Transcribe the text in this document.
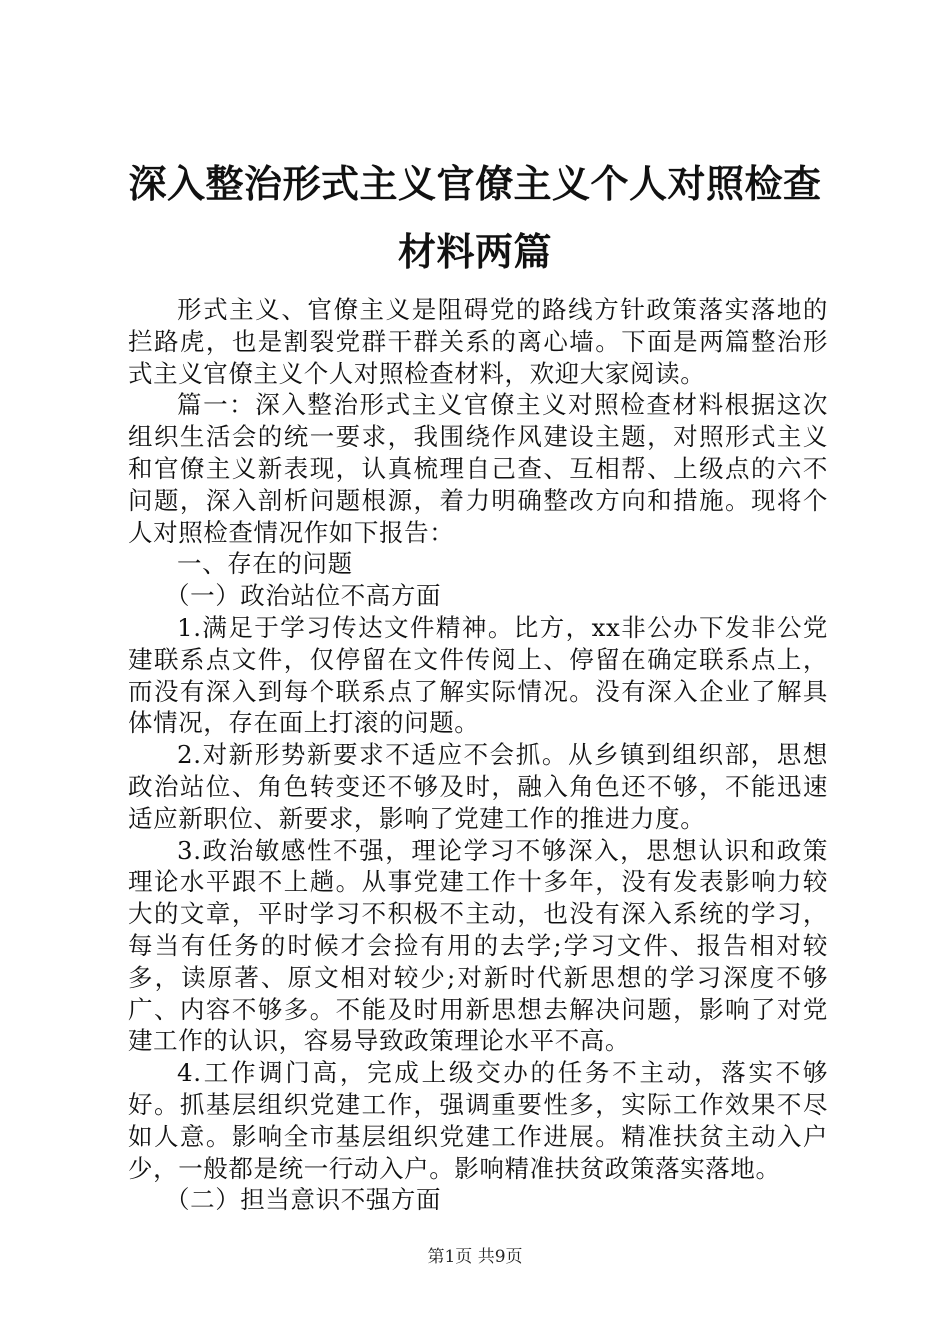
深入整治形式主义官僚主义个人对照检查材料两篇

形式主义、官僚主义是阻碍党的路线方针政策落实落地的拦路虎，也是割裂党群干群关系的离心墙。下面是两篇整治形式主义官僚主义个人对照检查材料，欢迎大家阅读。

篇一：深入整治形式主义官僚主义对照检查材料根据这次组织生活会的统一要求，我围绕作风建设主题，对照形式主义和官僚主义新表现，认真梳理自己查、互相帮、上级点的六不问题，深入剖析问题根源，着力明确整改方向和措施。现将个人对照检查情况作如下报告：

一、存在的问题

（一）政治站位不高方面

1.满足于学习传达文件精神。比方，xx非公办下发非公党建联系点文件，仅停留在文件传阅上、停留在确定联系点上，而没有深入到每个联系点了解实际情况。没有深入企业了解具体情况，存在面上打滚的问题。

2.对新形势新要求不适应不会抓。从乡镇到组织部，思想政治站位、角色转变还不够及时，融入角色还不够，不能迅速适应新职位、新要求，影响了党建工作的推进力度。

3.政治敏感性不强，理论学习不够深入，思想认识和政策理论水平跟不上趟。从事党建工作十多年，没有发表影响力较大的文章，平时学习不积极不主动，也没有深入系统的学习，每当有任务的时候才会捡有用的去学;学习文件、报告相对较多，读原著、原文相对较少;对新时代新思想的学习深度不够广、内容不够多。不能及时用新思想去解决问题，影响了对党建工作的认识，容易导致政策理论水平不高。

4.工作调门高，完成上级交办的任务不主动，落实不够好。抓基层组织党建工作，强调重要性多，实际工作效果不尽如人意。影响全市基层组织党建工作进展。精准扶贫主动入户少，一般都是统一行动入户。影响精准扶贫政策落实落地。

（二）担当意识不强方面

第1页 共9页
